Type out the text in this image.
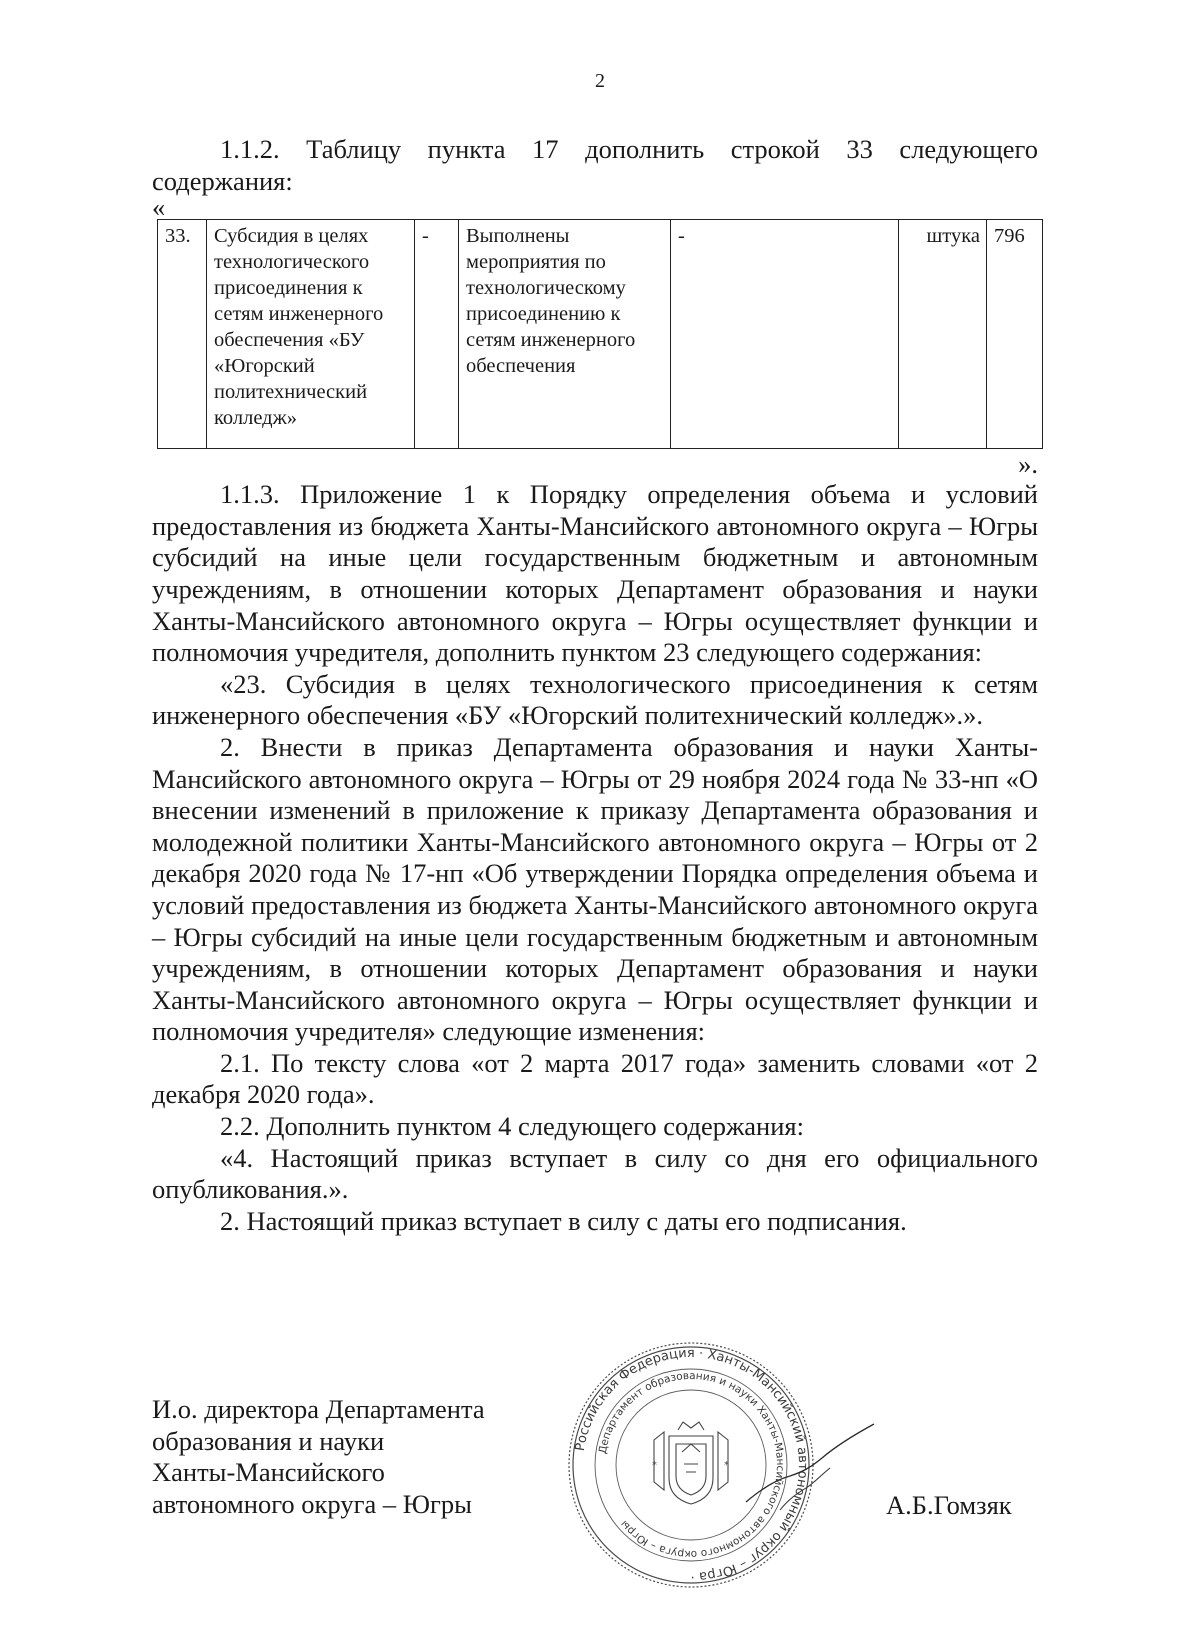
2

1.1.2. Таблицу пункта 17 дополнить строкой 33 следующего содержания:

«

33.	Субсидия в целях технологического присоединения к сетям инженерного обеспечения «БУ «Югорский политехнический колледж»	-	Выполнены мероприятия по технологическому присоединению к сетям инженерного обеспечения	-	штука	796

».

1.1.3. Приложение 1 к Порядку определения объема и условий предоставления из бюджета Ханты-Мансийского автономного округа – Югры субсидий на иные цели государственным бюджетным и автономным учреждениям, в отношении которых Департамент образования и науки Ханты-Мансийского автономного округа – Югры осуществляет функции и полномочия учредителя, дополнить пунктом 23 следующего содержания:

«23. Субсидия в целях технологического присоединения к сетям инженерного обеспечения «БУ «Югорский политехнический колледж».».

2. Внести в приказ Департамента образования и науки Ханты-Мансийского автономного округа – Югры от 29 ноября 2024 года № 33-нп «О внесении изменений в приложение к приказу Департамента образования и молодежной политики Ханты-Мансийского автономного округа – Югры от 2 декабря 2020 года № 17-нп «Об утверждении Порядка определения объема и условий предоставления из бюджета Ханты-Мансийского автономного округа – Югры субсидий на иные цели государственным бюджетным и автономным учреждениям, в отношении которых Департамент образования и науки Ханты-Мансийского автономного округа – Югры осуществляет функции и полномочия учредителя» следующие изменения:

2.1. По тексту слова «от 2 марта 2017 года» заменить словами «от 2 декабря 2020 года».

2.2. Дополнить пунктом 4 следующего содержания:

«4. Настоящий приказ вступает в силу со дня его официального опубликования.».

2. Настоящий приказ вступает в силу с даты его подписания.

И.о. директора Департамента
образования и науки
Ханты-Мансийского
автономного округа – Югры
Российская Федерация · Ханты-Мансийский автономный округ – Югра ·
Департамент образования и науки Ханты-Мансийского автономного округа – Югры
*	*
А.Б.Гомзяк
